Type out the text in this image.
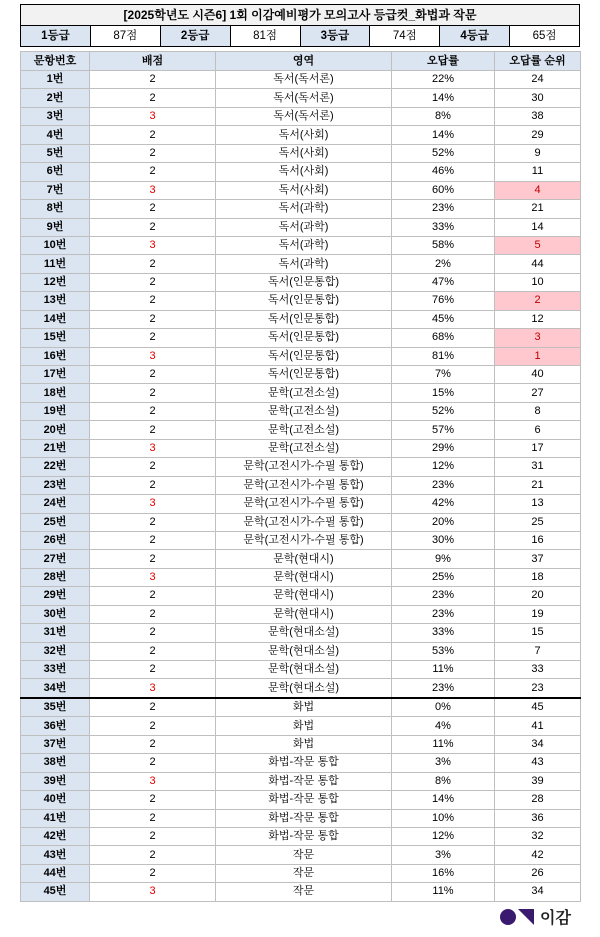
[2025학년도 시즌6] 1회 이감예비평가 모의고사 등급컷_화법과 작문
1등급	87점	2등급	81점	3등급	74점	4등급	65점
문항번호	배점	영역	오답률	오답률 순위
1번	2	독서(독서론)	22%	24
2번	2	독서(독서론)	14%	30
3번	3	독서(독서론)	8%	38
4번	2	독서(사회)	14%	29
5번	2	독서(사회)	52%	9
6번	2	독서(사회)	46%	11
7번	3	독서(사회)	60%	4
8번	2	독서(과학)	23%	21
9번	2	독서(과학)	33%	14
10번	3	독서(과학)	58%	5
11번	2	독서(과학)	2%	44
12번	2	독서(인문통합)	47%	10
13번	2	독서(인문통합)	76%	2
14번	2	독서(인문통합)	45%	12
15번	2	독서(인문통합)	68%	3
16번	3	독서(인문통합)	81%	1
17번	2	독서(인문통합)	7%	40
18번	2	문학(고전소설)	15%	27
19번	2	문학(고전소설)	52%	8
20번	2	문학(고전소설)	57%	6
21번	3	문학(고전소설)	29%	17
22번	2	문학(고전시가-수필 통합)	12%	31
23번	2	문학(고전시가-수필 통합)	23%	21
24번	3	문학(고전시가-수필 통합)	42%	13
25번	2	문학(고전시가-수필 통합)	20%	25
26번	2	문학(고전시가-수필 통합)	30%	16
27번	2	문학(현대시)	9%	37
28번	3	문학(현대시)	25%	18
29번	2	문학(현대시)	23%	20
30번	2	문학(현대시)	23%	19
31번	2	문학(현대소설)	33%	15
32번	2	문학(현대소설)	53%	7
33번	2	문학(현대소설)	11%	33
34번	3	문학(현대소설)	23%	23
35번	2	화법	0%	45
36번	2	화법	4%	41
37번	2	화법	11%	34
38번	2	화법-작문 통합	3%	43
39번	3	화법-작문 통합	8%	39
40번	2	화법-작문 통합	14%	28
41번	2	화법-작문 통합	10%	36
42번	2	화법-작문 통합	12%	32
43번	2	작문	3%	42
44번	2	작문	16%	26
45번	3	작문	11%	34
이감
